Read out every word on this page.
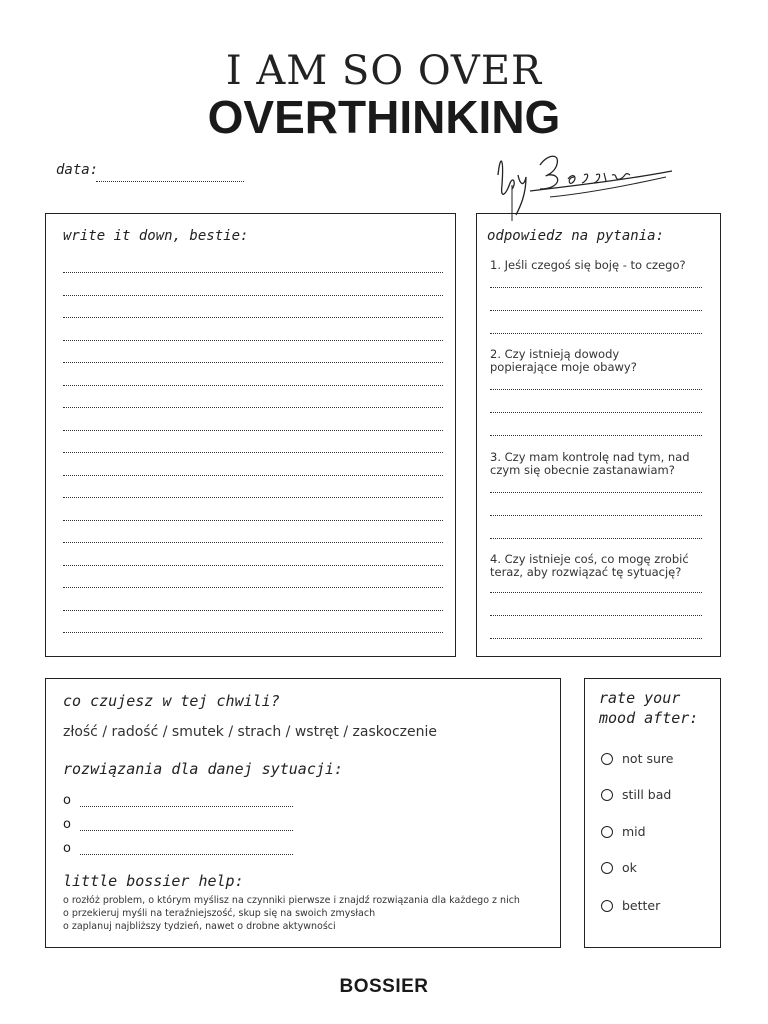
I AM SO OVER
OVERTHINKING
data:
write it down, bestie:	odpowiedz na pytania:
1. Jeśli czegoś się boję - to czego?
2. Czy istnieją dowody popierające moje obawy?
3. Czy mam kontrolę nad tym, nad czym się obecnie zastanawiam?
4. Czy istnieje coś, co mogę zrobić teraz, aby rozwiązać tę sytuację?
co czujesz w tej chwili?
złość / radość / smutek / strach / wstręt / zaskoczenie
rozwiązania dla danej sytuacji:
o
o
o
little bossier help:
o rozłóż problem, o którym myślisz na czynniki pierwsze i znajdź rozwiązania dla każdego z nich
o przekieruj myśli na teraźniejszość, skup się na swoich zmysłach
o zaplanuj najbliższy tydzień, nawet o drobne aktywności
rate your
mood after:
not sure
still bad
mid
ok
better
BOSSIER
